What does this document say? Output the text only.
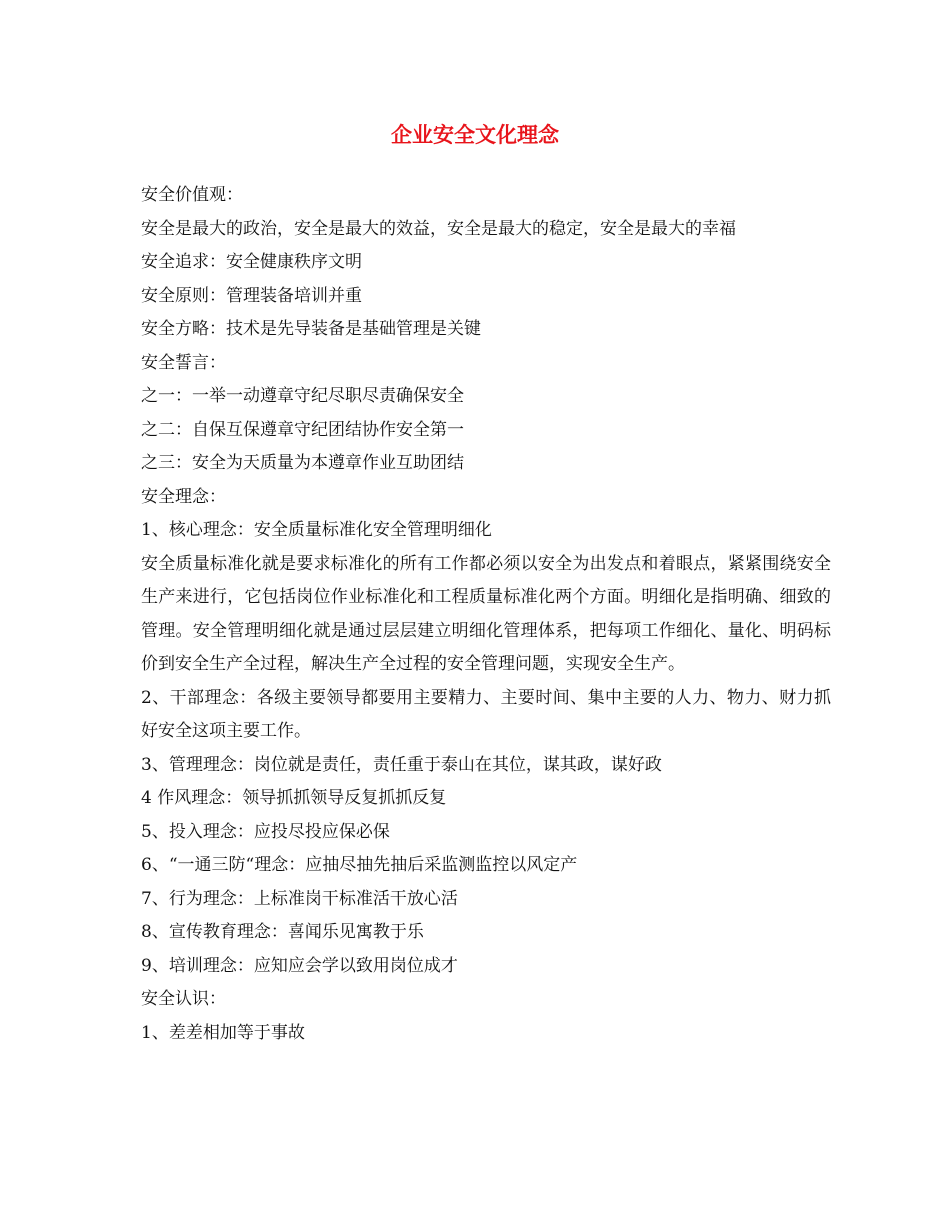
企业安全文化理念

安全价值观：

安全是最大的政治，安全是最大的效益，安全是最大的稳定，安全是最大的幸福

安全追求：安全健康秩序文明

安全原则：管理装备培训并重

安全方略：技术是先导装备是基础管理是关键

安全誓言：

之一：一举一动遵章守纪尽职尽责确保安全

之二：自保互保遵章守纪团结协作安全第一

之三：安全为天质量为本遵章作业互助团结

安全理念：

1、核心理念：安全质量标准化安全管理明细化

安全质量标准化就是要求标准化的所有工作都必须以安全为出发点和着眼点，紧紧围绕安全生产来进行，它包括岗位作业标准化和工程质量标准化两个方面。明细化是指明确、细致的管理。安全管理明细化就是通过层层建立明细化管理体系，把每项工作细化、量化、明码标价到安全生产全过程，解决生产全过程的安全管理问题，实现安全生产。

2、干部理念：各级主要领导都要用主要精力、主要时间、集中主要的人力、物力、财力抓好安全这项主要工作。

3、管理理念：岗位就是责任，责任重于泰山在其位，谋其政，谋好政

4 作风理念：领导抓抓领导反复抓抓反复

5、投入理念：应投尽投应保必保

6、“一通三防“理念：应抽尽抽先抽后采监测监控以风定产

7、行为理念：上标准岗干标准活干放心活

8、宣传教育理念：喜闻乐见寓教于乐

9、培训理念：应知应会学以致用岗位成才

安全认识：

1、差差相加等于事故
